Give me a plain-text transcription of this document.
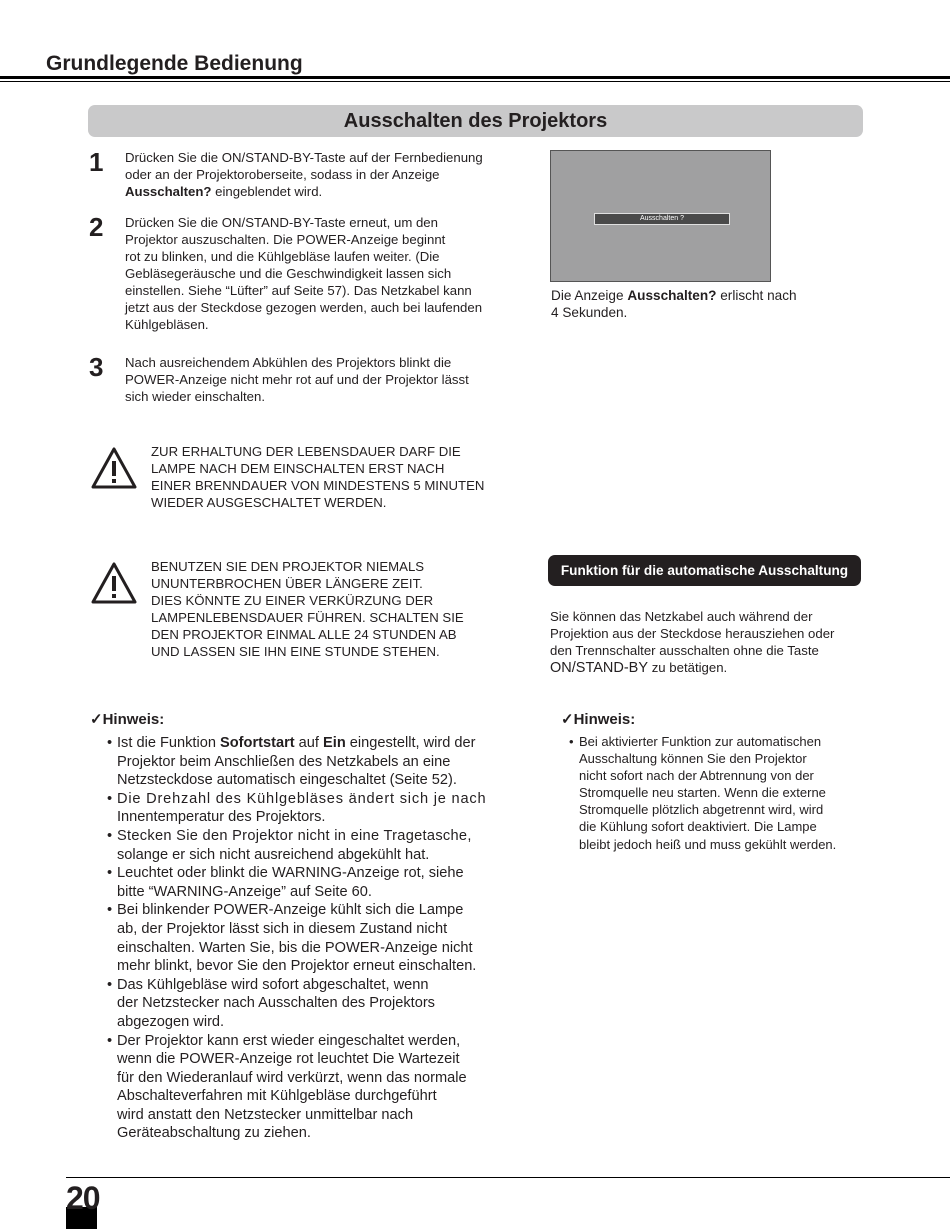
Grundlegende Bedienung
Ausschalten des Projektors
1 Drücken Sie die ON/STAND-BY-Taste auf der Fernbedienung
oder an der Projektoroberseite, sodass in der Anzeige
Ausschalten? eingeblendet wird.
2 Drücken Sie die ON/STAND-BY-Taste erneut, um den
Projektor auszuschalten. Die POWER-Anzeige beginnt
rot zu blinken, und die Kühlgebläse laufen weiter. (Die
Gebläsegeräusche und die Geschwindigkeit lassen sich
einstellen. Siehe “Lüfter” auf Seite 57). Das Netzkabel kann
jetzt aus der Steckdose gezogen werden, auch bei laufenden
Kühlgebläsen.
3 Nach ausreichendem Abkühlen des Projektors blinkt die
POWER-Anzeige nicht mehr rot auf und der Projektor lässt
sich wieder einschalten.
Ausschalten ?
Die Anzeige Ausschalten? erlischt nach
4 Sekunden.
ZUR ERHALTUNG DER LEBENSDAUER DARF DIE
LAMPE NACH DEM EINSCHALTEN ERST NACH
EINER BRENNDAUER VON MINDESTENS 5 MINUTEN
WIEDER AUSGESCHALTET WERDEN.
BENUTZEN SIE DEN PROJEKTOR NIEMALS
UNUNTERBROCHEN ÜBER LÄNGERE ZEIT.
DIES KÖNNTE ZU EINER VERKÜRZUNG DER
LAMPENLEBENSDAUER FÜHREN. SCHALTEN SIE
DEN PROJEKTOR EINMAL ALLE 24 STUNDEN AB
UND LASSEN SIE IHN EINE STUNDE STEHEN.
Funktion für die automatische Ausschaltung
Sie können das Netzkabel auch während der
Projektion aus der Steckdose herausziehen oder
den Trennschalter ausschalten ohne die Taste
ON/STAND-BY zu betätigen.
✓Hinweis:
• Ist die Funktion Sofortstart auf Ein eingestellt, wird der
Projektor beim Anschließen des Netzkabels an eine
Netzsteckdose automatisch eingeschaltet (Seite 52).
• Die Drehzahl des Kühlgebläses ändert sich je nach
Innentemperatur des Projektors.
• Stecken Sie den Projektor nicht in eine Tragetasche,
solange er sich nicht ausreichend abgekühlt hat.
• Leuchtet oder blinkt die WARNING-Anzeige rot, siehe
bitte “WARNING-Anzeige” auf Seite 60.
• Bei blinkender POWER-Anzeige kühlt sich die Lampe
ab, der Projektor lässt sich in diesem Zustand nicht
einschalten. Warten Sie, bis die POWER-Anzeige nicht
mehr blinkt, bevor Sie den Projektor erneut einschalten.
• Das Kühlgebläse wird sofort abgeschaltet, wenn
der Netzstecker nach Ausschalten des Projektors
abgezogen wird.
• Der Projektor kann erst wieder eingeschaltet werden,
wenn die POWER-Anzeige rot leuchtet Die Wartezeit
für den Wiederanlauf wird verkürzt, wenn das normale
Abschalteverfahren mit Kühlgebläse durchgeführt
wird anstatt den Netzstecker unmittelbar nach
Geräteabschaltung zu ziehen.
✓Hinweis:
• Bei aktivierter Funktion zur automatischen
Ausschaltung können Sie den Projektor
nicht sofort nach der Abtrennung von der
Stromquelle neu starten. Wenn die externe
Stromquelle plötzlich abgetrennt wird, wird
die Kühlung sofort deaktiviert. Die Lampe
bleibt jedoch heiß und muss gekühlt werden.
20
